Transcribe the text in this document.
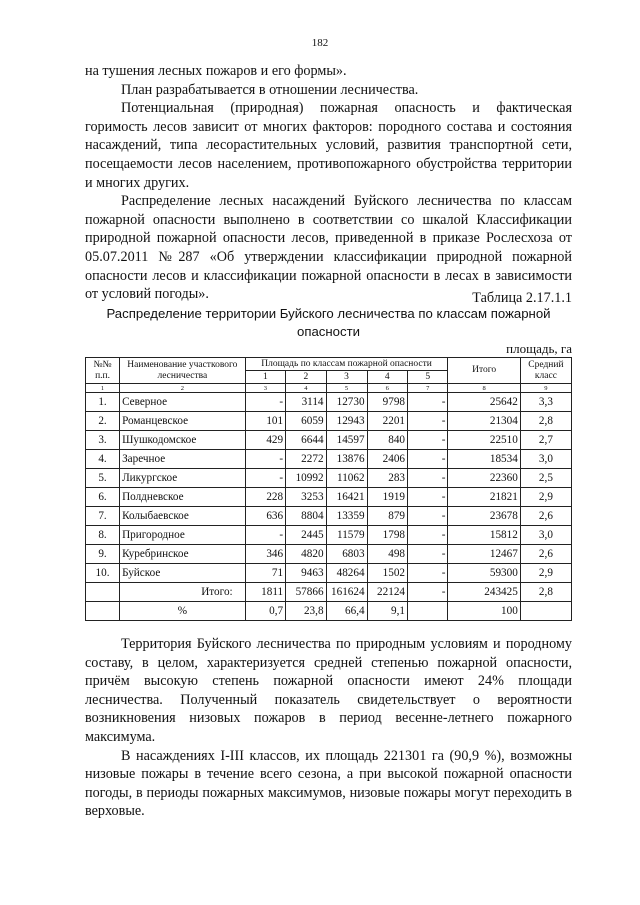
182

на тушения лесных пожаров и его формы».

План разрабатывается в отношении лесничества.

Потенциальная (природная) пожарная опасность и фактическая горимость лесов зависит от многих факторов: породного состава и состояния насаждений, типа лесорастительных условий, развития транспортной сети, посещаемости лесов населением, противопожарного обустройства территории и многих других.

Распределение лесных насаждений Буйского лесничества по классам пожарной опасности выполнено в соответствии со шкалой Классификации природной пожарной опасности лесов, приведенной в приказе Рослесхоза от 05.07.2011 №287 «Об утверждении классификации природной пожарной опасности лесов и классификации пожарной опасности в лесах в зависимости от условий погоды».	Таблица 2.17.1.1
Распределение территории Буйского лесничества по классам пожарной опасности
площадь, га
№№ п.п.	Наименование участкового лесничества	Площадь по классам пожарной опасности					Итого	Средний класс
		1	2	3	4	5		
1	2	3	4	5	6	7	8	9
1.	Северное	-	3114	12730	9798	-	25642	3,3
2.	Романцевское	101	6059	12943	2201	-	21304	2,8
3.	Шушкодомское	429	6644	14597	840	-	22510	2,7
4.	Заречное	-	2272	13876	2406	-	18534	3,0
5.	Ликургское	-	10992	11062	283	-	22360	2,5
6.	Полдневское	228	3253	16421	1919	-	21821	2,9
7.	Колыбаевское	636	8804	13359	879	-	23678	2,6
8.	Пригородное	-	2445	11579	1798	-	15812	3,0
9.	Куребринское	346	4820	6803	498	-	12467	2,6
10.	Буйское	71	9463	48264	1502	-	59300	2,9
	Итого:	1811	57866	161624	22124	-	243425	2,8
	%	0,7	23,8	66,4	9,1		100	

Территория Буйского лесничества по природным условиям и породному составу, в целом, характеризуется средней степенью пожарной опасности, причём высокую степень пожарной опасности имеют 24% площади лесничества. Полученный показатель свидетельствует о вероятности возникновения низовых пожаров в период весенне-летнего пожарного максимума.

В насаждениях I-III классов, их площадь 221301 га (90,9 %), возможны низовые пожары в течение всего сезона, а при высокой пожарной опасности погоды, в периоды пожарных максимумов, низовые пожары могут переходить в верховые.
